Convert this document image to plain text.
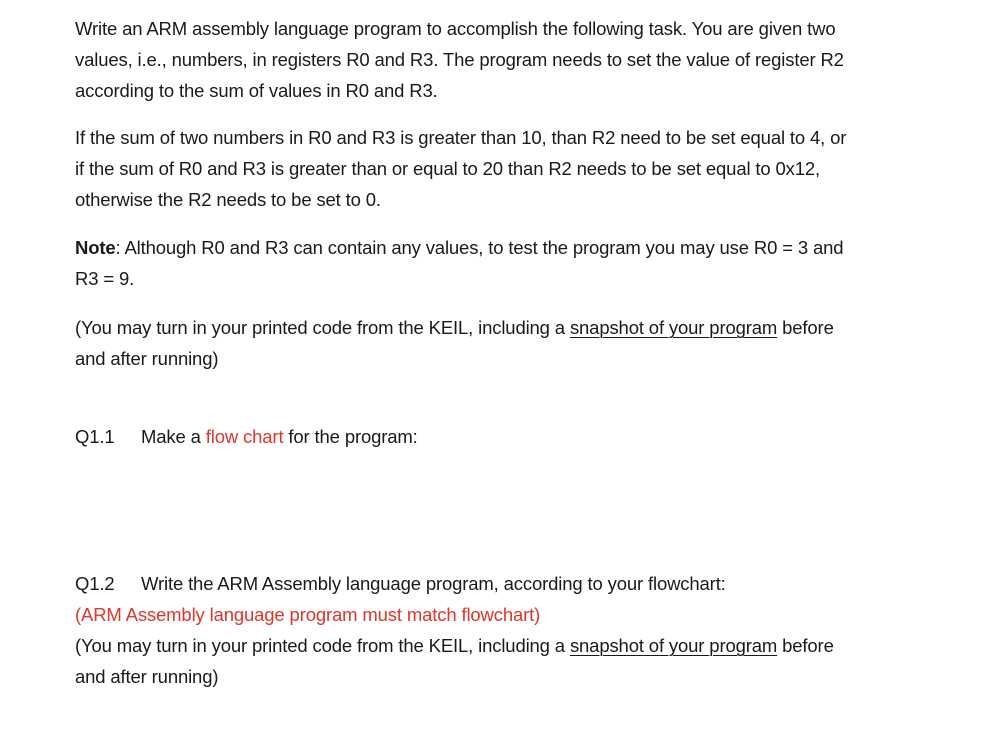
Write an ARM assembly language program to accomplish the following task. You are given two
values, i.e., numbers, in registers R0 and R3. The program needs to set the value of register R2
according to the sum of values in R0 and R3.

If the sum of two numbers in R0 and R3 is greater than 10, than R2 need to be set equal to 4, or
if the sum of R0 and R3 is greater than or equal to 20 than R2 needs to be set equal to 0x12,
otherwise the R2 needs to be set to 0.

Note: Although R0 and R3 can contain any values, to test the program you may use R0 = 3 and
R3 = 9.

(You may turn in your printed code from the KEIL, including a snapshot of your program before
and after running)

Q1.1 Make a flow chart for the program:

Q1.2 Write the ARM Assembly language program, according to your flowchart:
(ARM Assembly language program must match flowchart)
(You may turn in your printed code from the KEIL, including a snapshot of your program before
and after running)
